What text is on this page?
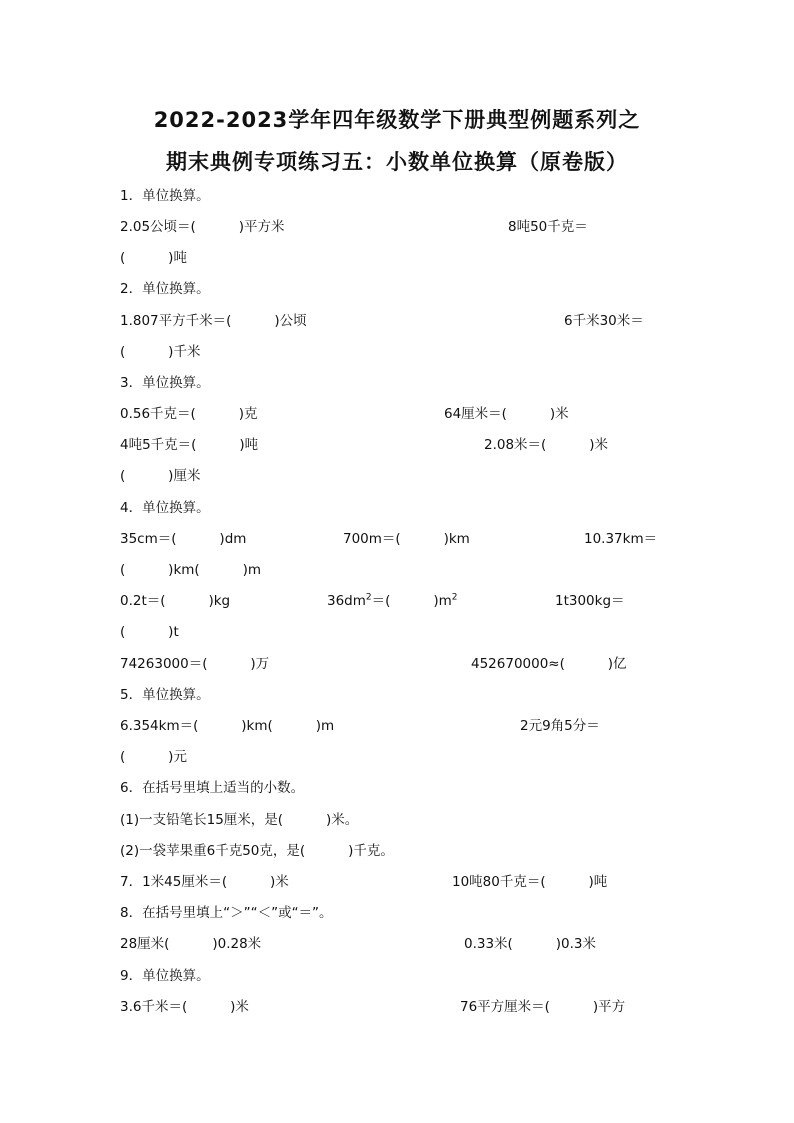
2022-2023学年四年级数学下册典型例题系列之
期末典例专项练习五：小数单位换算（原卷版）
1．单位换算。
2.05公顷＝(          )平方米	8吨50千克＝
(          )吨
2．单位换算。
1.807平方千米＝(          )公顷	6千米30米＝
(          )千米
3．单位换算。
0.56千克＝(          )克	64厘米＝(          )米
4吨5千克＝(          )吨	2.08米＝(          )米
(          )厘米
4．单位换算。
35cm＝(          )dm	700m＝(          )km	10.37km＝
(          )km(          )m
0.2t＝(          )kg	$36dm^2=$(          )$m^2$	1t300kg＝
(          )t
74263000＝(          )万	452670000≈(          )亿
5．单位换算。
6.354km＝(          )km(          )m	2元9角5分＝
(          )元
6．在括号里填上适当的小数。
(1)一支铅笔长15厘米，是(          )米。
(2)一袋苹果重6千克50克，是(          )千克。
7．1米45厘米＝(          )米	10吨80千克＝(          )吨
8．在括号里填上“＞”“＜”或“＝”。
28厘米(          )0.28米	0.33米(          )0.3米
9．单位换算。
3.6千米＝(          )米	76平方厘米＝(          )平方
